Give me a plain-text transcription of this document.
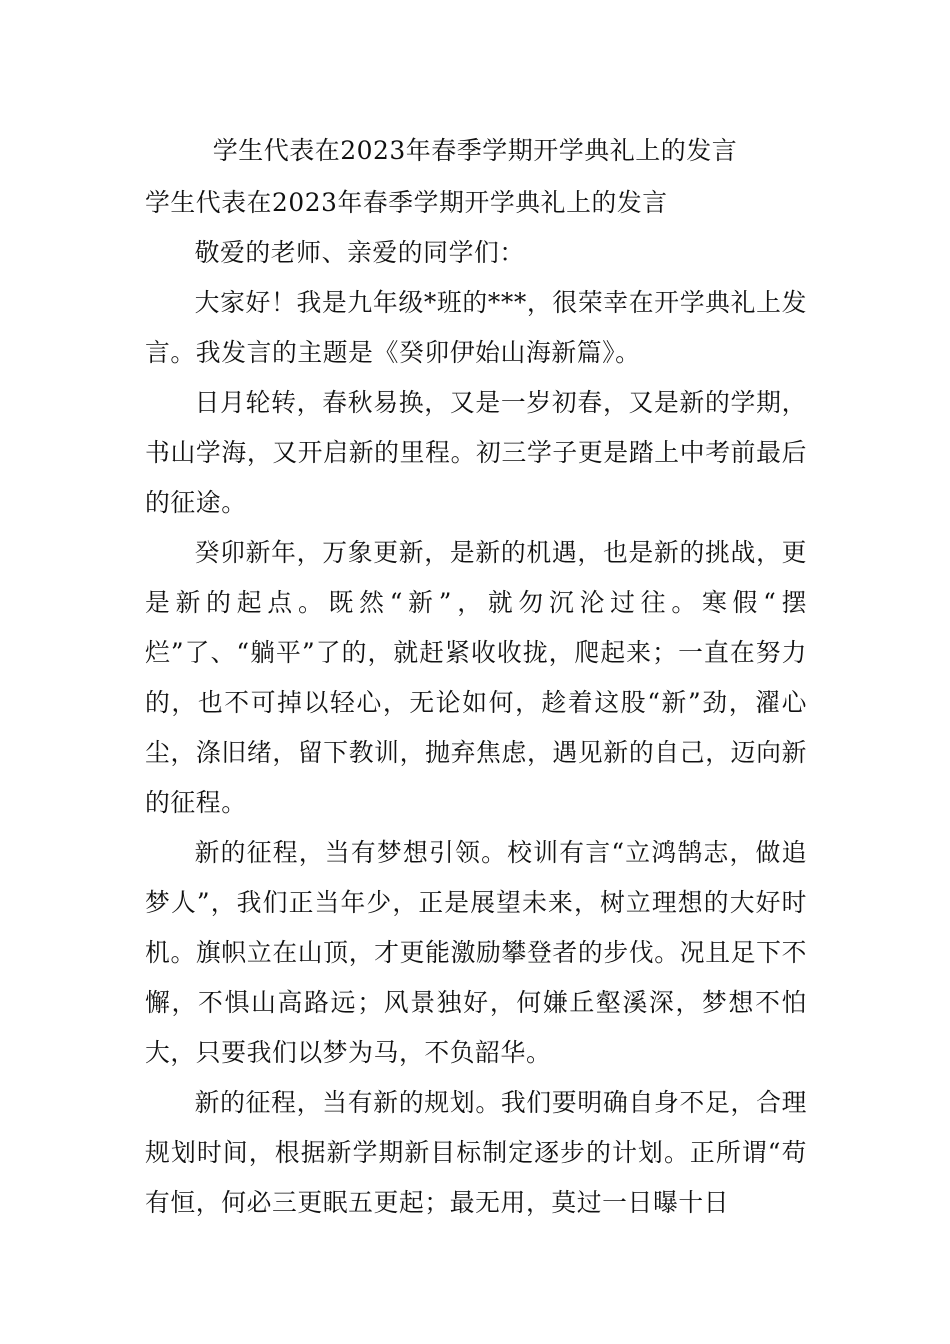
学生代表在2023年春季学期开学典礼上的发言

学生代表在2023年春季学期开学典礼上的发言

敬爱的老师、亲爱的同学们：

大家好！我是九年级*班的***，很荣幸在开学典礼上发言。我发言的主题是《癸卯伊始山海新篇》。

日月轮转，春秋易换，又是一岁初春，又是新的学期，书山学海，又开启新的里程。初三学子更是踏上中考前最后的征途。

癸卯新年，万象更新，是新的机遇，也是新的挑战，更是新的起点。既然“新”，就勿沉沦过往。寒假“摆烂”了、“躺平”了的，就赶紧收收拢，爬起来；一直在努力的，也不可掉以轻心，无论如何，趁着这股“新”劲，濯心尘，涤旧绪，留下教训，抛弃焦虑，遇见新的自己，迈向新的征程。

新的征程，当有梦想引领。校训有言“立鸿鹄志，做追梦人”，我们正当年少，正是展望未来，树立理想的大好时机。旗帜立在山顶，才更能激励攀登者的步伐。况且足下不懈，不惧山高路远；风景独好，何嫌丘壑溪深，梦想不怕大，只要我们以梦为马，不负韶华。

新的征程，当有新的规划。我们要明确自身不足，合理规划时间，根据新学期新目标制定逐步的计划。正所谓“苟有恒，何必三更眠五更起；最无用，莫过一日曝十日
